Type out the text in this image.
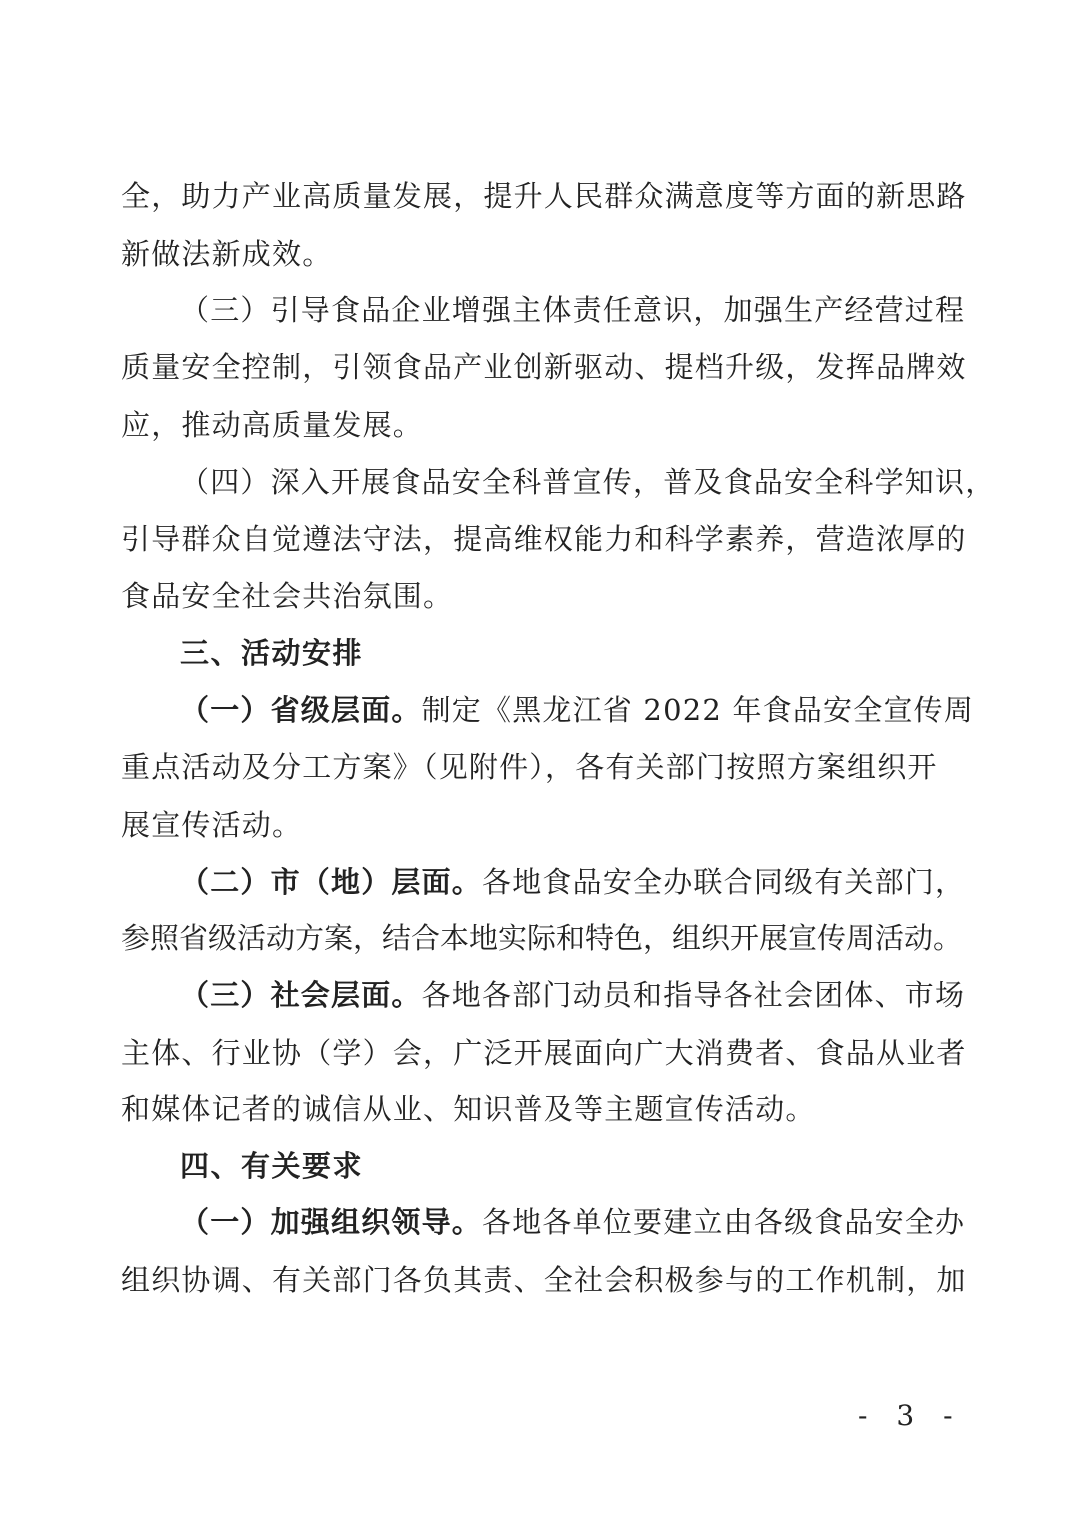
全，助力产业高质量发展，提升人民群众满意度等方面的新思路
新做法新成效。
（三）引导食品企业增强主体责任意识，加强生产经营过程
质量安全控制，引领食品产业创新驱动、提档升级，发挥品牌效
应，推动高质量发展。
（四）深入开展食品安全科普宣传，普及食品安全科学知识，
引导群众自觉遵法守法，提高维权能力和科学素养，营造浓厚的
食品安全社会共治氛围。
三、活动安排
（一）省级层面。制定《黑龙江省 2022 年食品安全宣传周
重点活动及分工方案》（见附件），各有关部门按照方案组织开
展宣传活动。
（二）市（地）层面。各地食品安全办联合同级有关部门，
参照省级活动方案，结合本地实际和特色，组织开展宣传周活动。
（三）社会层面。各地各部门动员和指导各社会团体、市场
主体、行业协（学）会，广泛开展面向广大消费者、食品从业者
和媒体记者的诚信从业、知识普及等主题宣传活动。
四、有关要求
（一）加强组织领导。各地各单位要建立由各级食品安全办
组织协调、有关部门各负其责、全社会积极参与的工作机制，加
- 3 -
